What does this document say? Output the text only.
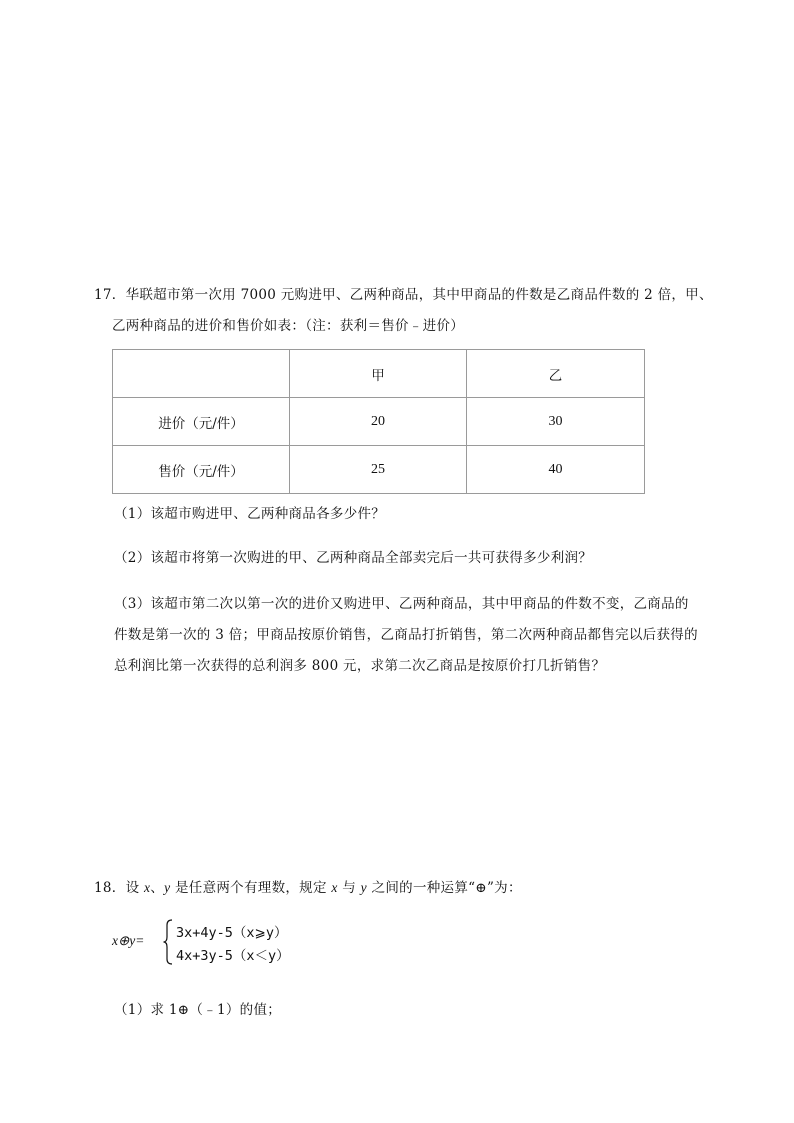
17．华联超市第一次用 7000 元购进甲、乙两种商品，其中甲商品的件数是乙商品件数的 2 倍，甲、
乙两种商品的进价和售价如表：（注：获利＝售价﹣进价）
	甲	乙
进价（元/件）	20	30
售价（元/件）	25	40
（1）该超市购进甲、乙两种商品各多少件？
（2）该超市将第一次购进的甲、乙两种商品全部卖完后一共可获得多少利润？
（3）该超市第二次以第一次的进价又购进甲、乙两种商品，其中甲商品的件数不变，乙商品的
件数是第一次的 3 倍；甲商品按原价销售，乙商品打折销售，第二次两种商品都售完以后获得的
总利润比第一次获得的总利润多 800 元，求第二次乙商品是按原价打几折销售？
18．设 x、y 是任意两个有理数，规定 x 与 y 之间的一种运算“⊕”为：
x⊕y= 3x+4y-5（x⩾y）
4x+3y-5（x＜y）
（1）求 1⊕（﹣1）的值；
